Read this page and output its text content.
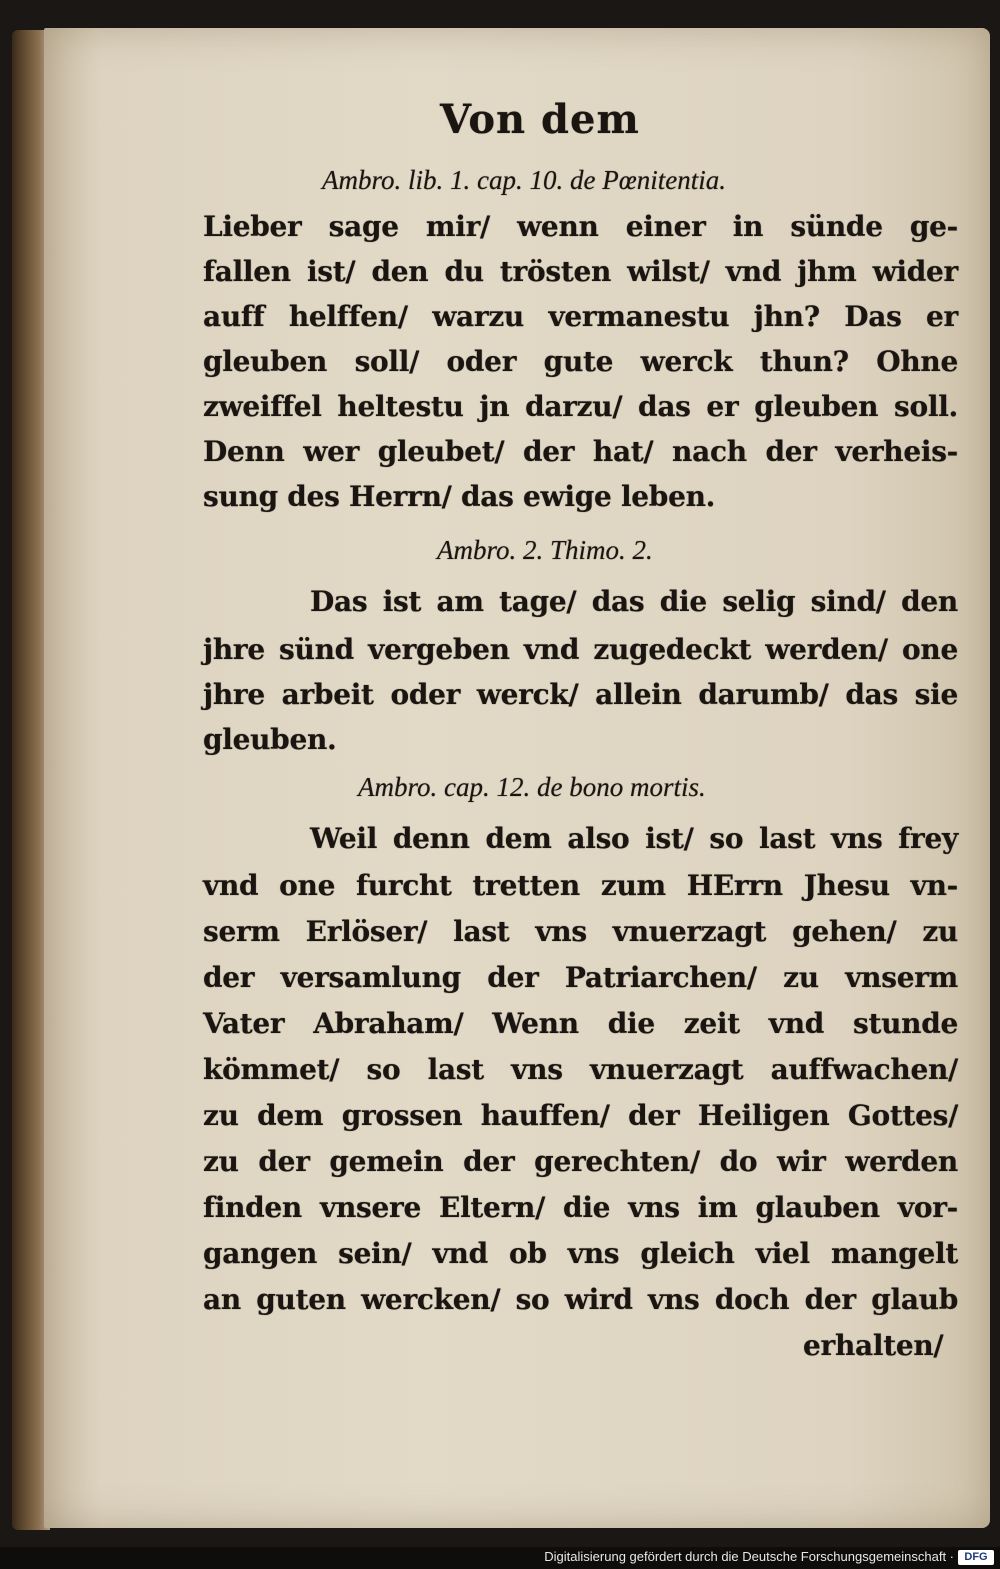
Von dem
Ambro. lib. 1. cap. 10. de Pœnitentia.
Lieber sage mir/ wenn einer in sünde ge-
fallen ist/ den du trösten wilst/ vnd jhm wider
auff helffen/ warzu vermanestu jhn? Das er
gleuben soll/ oder gute werck thun? Ohne
zweiffel heltestu jn darzu/ das er gleuben soll.
Denn wer gleubet/ der hat/ nach der verheis-
sung des Herrn/ das ewige leben.
Ambro. 2. Thimo. 2.
Das ist am tage/ das die selig sind/ den
jhre sünd vergeben vnd zugedeckt werden/ one
jhre arbeit oder werck/ allein darumb/ das sie
gleuben.
Ambro. cap. 12. de bono mortis.
Weil denn dem also ist/ so last vns frey
vnd one furcht tretten zum HErrn Jhesu vn-
serm Erlöser/ last vns vnuerzagt gehen/ zu
der versamlung der Patriarchen/ zu vnserm
Vater Abraham/ Wenn die zeit vnd stunde
kömmet/ so last vns vnuerzagt auffwachen/
zu dem grossen hauffen/ der Heiligen Gottes/
zu der gemein der gerechten/ do wir werden
finden vnsere Eltern/ die vns im glauben vor-
gangen sein/ vnd ob vns gleich viel mangelt
an guten wercken/ so wird vns doch der glaub
erhalten/
Digitalisierung gefördert durch die Deutsche Forschungsgemeinschaft · DFG
